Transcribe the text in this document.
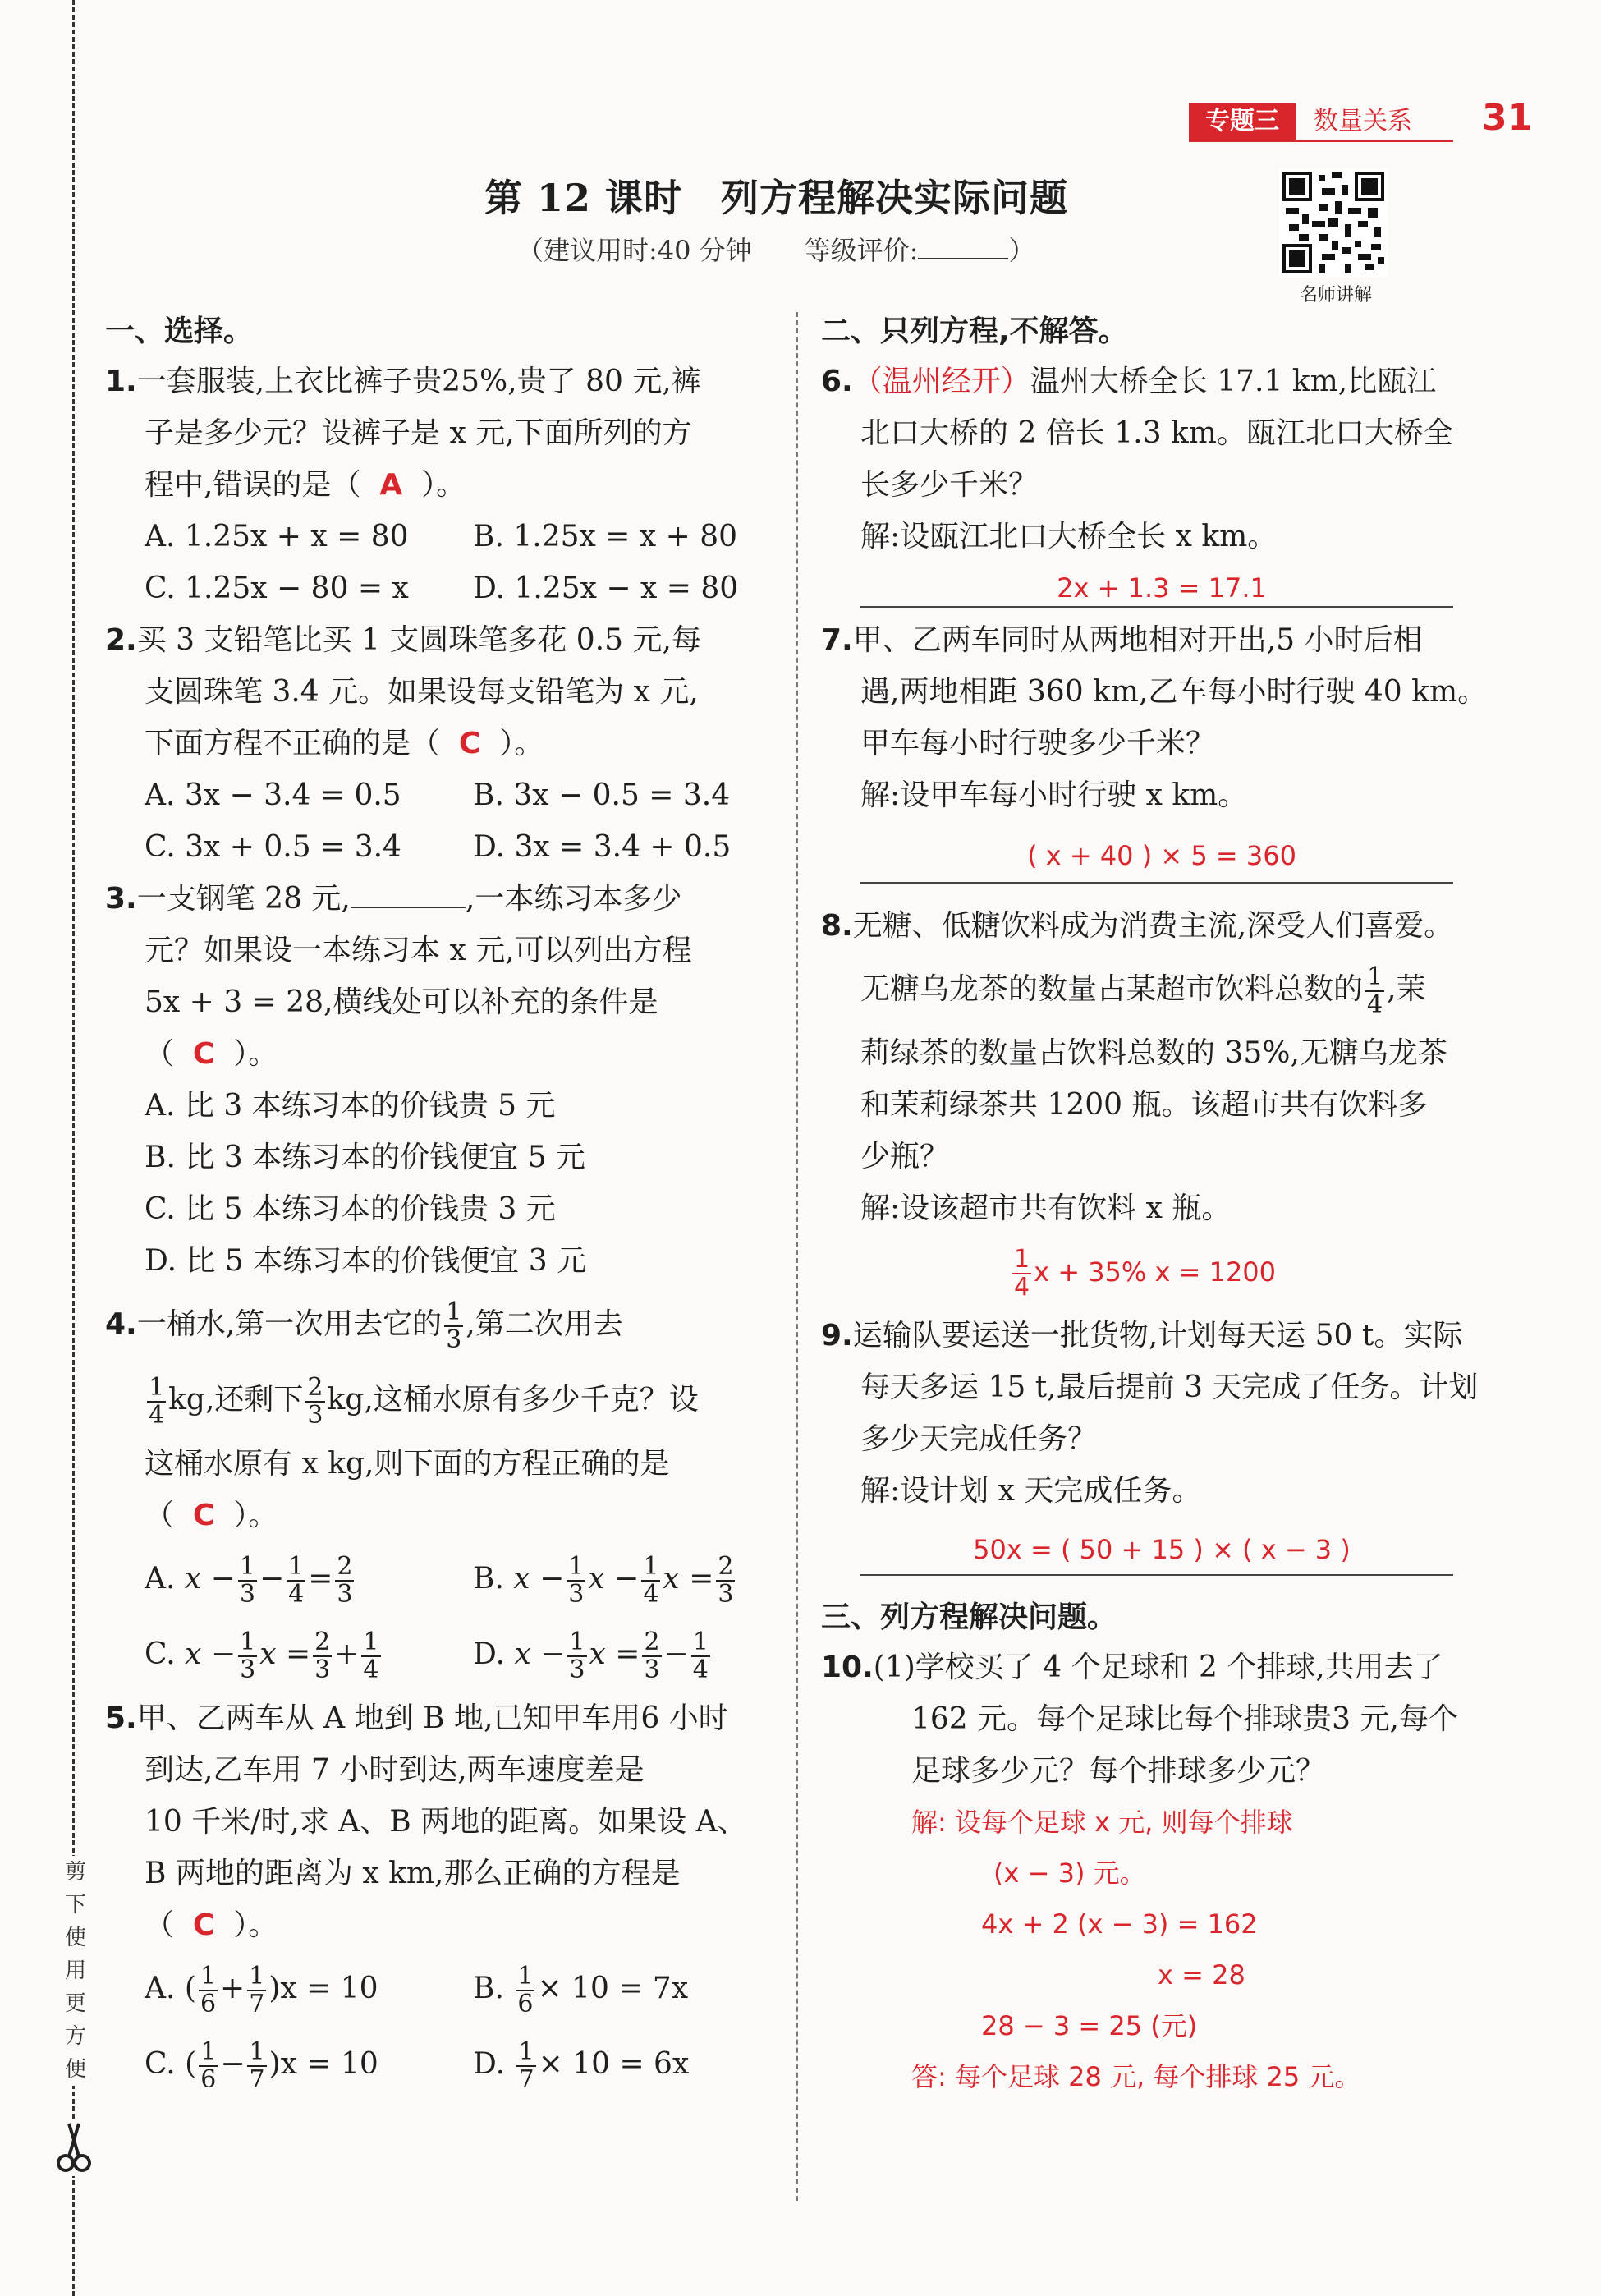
剪下使用更方便
专题三	数量关系 31
第 12 课时　列方程解决实际问题
（建议用时:40 分钟　　等级评价:	）
名师讲解
一、选择。
1.一套服装,上衣比裤子贵25%,贵了 80 元,裤
子是多少元？设裤子是 x 元,下面所列的方
程中,错误的是（ A ）。
A. 1.25x + x = 80 B. 1.25x = x + 80
C. 1.25x − 80 = x D. 1.25x − x = 80
2.买 3 支铅笔比买 1 支圆珠笔多花 0.5 元,每
支圆珠笔 3.4 元。如果设每支铅笔为 x 元,
下面方程不正确的是（ C ）。
A. 3x − 3.4 = 0.5 B. 3x − 0.5 = 3.4
C. 3x + 0.5 = 3.4 D. 3x = 3.4 + 0.5
3.一支钢笔 28 元,	,一本练习本多少
元？如果设一本练习本 x 元,可以列出方程
5x + 3 = 28,横线处可以补充的条件是
（ C ）。
A. 比 3 本练习本的价钱贵 5 元
B. 比 3 本练习本的价钱便宜 5 元
C. 比 5 本练习本的价钱贵 3 元
D. 比 5 本练习本的价钱便宜 3 元
4.一桶水,第一次用去它的 $\frac{1}{3}$ ,第二次用去
$\frac{1}{4}$ kg,还剩下 $\frac{2}{3}$ kg,这桶水原有多少千克？设
这桶水原有 x kg,则下面的方程正确的是
（ C ）。
A. $x - \frac{1}{3} - \frac{1}{4} = \frac{2}{3}$	B. $x - \frac{1}{3}$ $x - \frac{1}{4}$ $x = \frac{2}{3}$
C. $x - \frac{1}{3}$ $x = \frac{2}{3} + \frac{1}{4}$	D. $x - \frac{1}{3}$ $x = \frac{2}{3} - \frac{1}{4}$
5.甲、乙两车从 A 地到 B 地,已知甲车用6 小时
到达,乙车用 7 小时到达,两车速度差是
10 千米/时,求 A、B 两地的距离。如果设 A、
B 两地的距离为 x km,那么正确的方程是
（ C ）。
A. ( $\frac{1}{6} + \frac{1}{7} )x = 10$	B. $\frac{1}{6} \times 10 = 7x$
C. ( $\frac{1}{6} - \frac{1}{7} )x = 10$	D. $\frac{1}{7} \times 10 = 6x$
二、只列方程,不解答。
6.（温州经开）温州大桥全长 17.1 km,比瓯江
北口大桥的 2 倍长 1.3 km。瓯江北口大桥全
长多少千米？
解:设瓯江北口大桥全长 x km。
2x + 1.3 = 17.1
7.甲、乙两车同时从两地相对开出,5 小时后相
遇,两地相距 360 km,乙车每小时行驶 40 km。
甲车每小时行驶多少千米？
解:设甲车每小时行驶 x km。
( x + 40 ) × 5 = 360
8.无糖、低糖饮料成为消费主流,深受人们喜爱。
无糖乌龙茶的数量占某超市饮料总数的 $\frac{1}{4}$ ,茉
莉绿茶的数量占饮料总数的 35%,无糖乌龙茶
和茉莉绿茶共 1200 瓶。该超市共有饮料多
少瓶？
解:设该超市共有饮料 x 瓶。
$\frac{1}{4}$ x + 35% x = 1200
9.运输队要运送一批货物,计划每天运 50 t。实际
每天多运 15 t,最后提前 3 天完成了任务。计划
多少天完成任务？
解:设计划 x 天完成任务。
50x = ( 50 + 15 ) × ( x − 3 )
三、列方程解决问题。
10.(1)学校买了 4 个足球和 2 个排球,共用去了
162 元。每个足球比每个排球贵3 元,每个
足球多少元？每个排球多少元？
解: 设每个足球 x 元, 则每个排球
(x − 3) 元。
4x + 2 (x − 3) = 162
x = 28
28 − 3 = 25 (元)
答: 每个足球 28 元, 每个排球 25 元。
